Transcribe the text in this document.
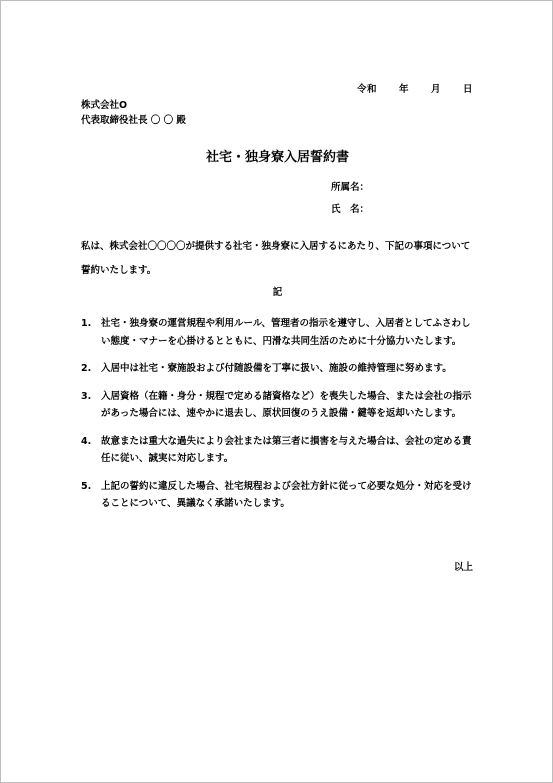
令和 年 月 日
株式会社O
代表取締役社長 〇 〇 殿
社宅・独身寮入居誓約書
所属名：
氏　名：
私は、株式会社〇〇〇〇が提供する社宅・独身寮に入居するにあたり、下記の事項について誓約いたします。
記
1. 社宅・独身寮の運営規程や利用ルール、管理者の指示を遵守し、入居者としてふさわしい態度・マナーを心掛けるとともに、円滑な共同生活のために十分協力いたします。
2. 入居中は社宅・寮施設および付随設備を丁寧に扱い、施設の維持管理に努めます。
3. 入居資格（在籍・身分・規程で定める諸資格など）を喪失した場合、または会社の指示があった場合には、速やかに退去し、原状回復のうえ設備・鍵等を返却いたします。
4. 故意または重大な過失により会社または第三者に損害を与えた場合は、会社の定める責任に従い、誠実に対応します。
5. 上記の誓約に違反した場合、社宅規程および会社方針に従って必要な処分・対応を受けることについて、異議なく承諾いたします。
以上
